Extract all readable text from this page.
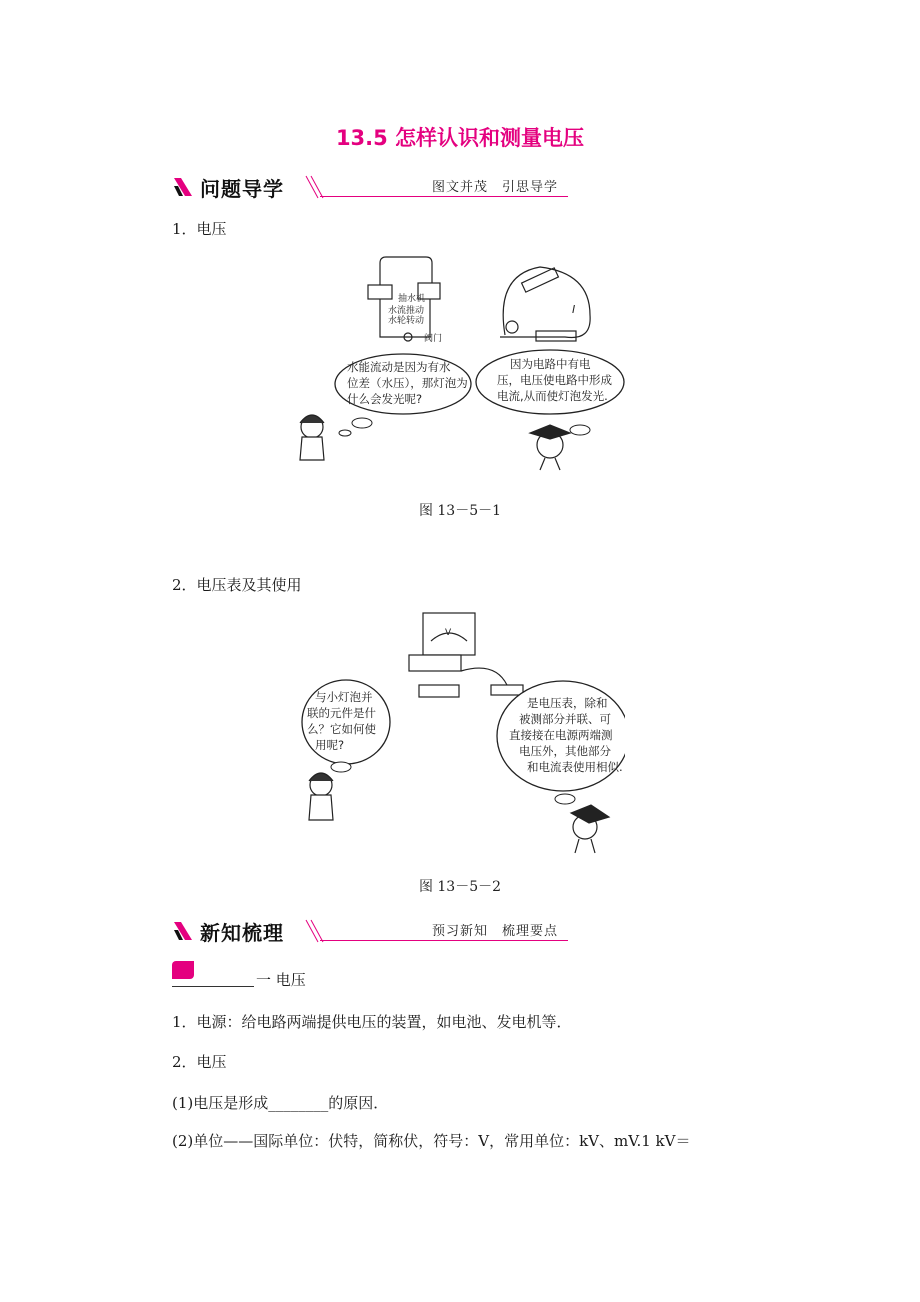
13.5 怎样认识和测量电压
问题导学	图文并茂　引思导学
1．电压
抽水机
水流推动
水轮转动
阀门
I
水能流动是因为有水
位差（水压），那灯泡为
什么会发光呢?
因为电路中有电
压，电压使电路中形成
电流,从而使灯泡发光.
图 13－5－1
2．电压表及其使用
V
与小灯泡并
联的元件是什
么？它如何使
用呢?
是电压表，除和
被测部分并联、可
直接接在电源两端测
电压外，其他部分
和电流表使用相似.
图 13－5－2
新知梳理	预习新知　梳理要点
一 电压
1．电源：给电路两端提供电压的装置，如电池、发电机等．
2．电压
(1)电压是形成________的原因．
(2)单位——国际单位：伏特，简称伏，符号：V，常用单位：kV、mV.1 kV＝
